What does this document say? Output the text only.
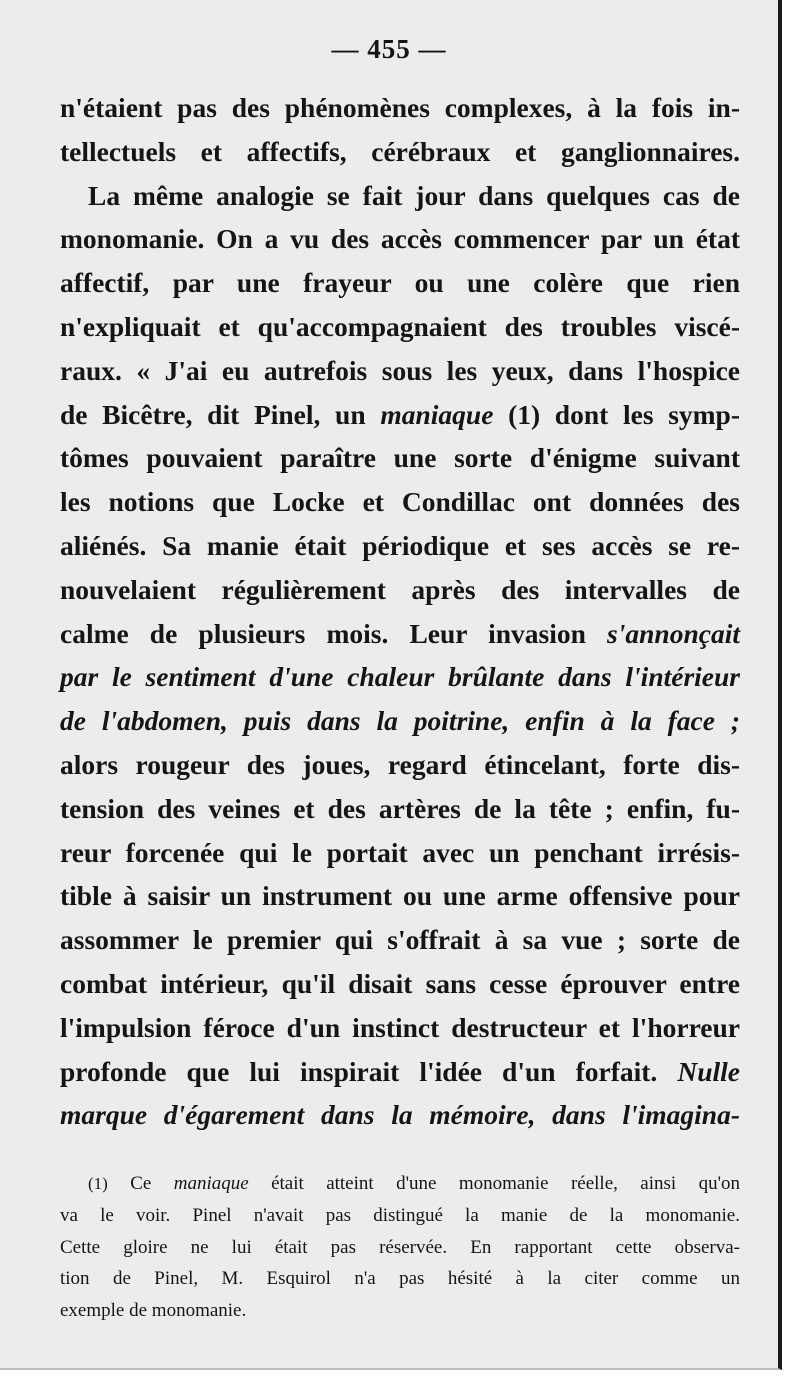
— 455 —
n'étaient pas des phénomènes complexes, à la fois in-
tellectuels et affectifs, cérébraux et ganglionnaires.
La même analogie se fait jour dans quelques cas de
monomanie. On a vu des accès commencer par un état
affectif, par une frayeur ou une colère que rien
n'expliquait et qu'accompagnaient des troubles viscé-
raux. « J'ai eu autrefois sous les yeux, dans l'hospice
de Bicêtre, dit Pinel, un maniaque (1) dont les symp-
tômes pouvaient paraître une sorte d'énigme suivant
les notions que Locke et Condillac ont données des
aliénés. Sa manie était périodique et ses accès se re-
nouvelaient régulièrement après des intervalles de
calme de plusieurs mois. Leur invasion s'annonçait
par le sentiment d'une chaleur brûlante dans l'intérieur
de l'abdomen, puis dans la poitrine, enfin à la face ;
alors rougeur des joues, regard étincelant, forte dis-
tension des veines et des artères de la tête ; enfin, fu-
reur forcenée qui le portait avec un penchant irrésis-
tible à saisir un instrument ou une arme offensive pour
assommer le premier qui s'offrait à sa vue ; sorte de
combat intérieur, qu'il disait sans cesse éprouver entre
l'impulsion féroce d'un instinct destructeur et l'horreur
profonde que lui inspirait l'idée d'un forfait. Nulle
marque d'égarement dans la mémoire, dans l'imagina-
(1) Ce maniaque était atteint d'une monomanie réelle, ainsi qu'on
va le voir. Pinel n'avait pas distingué la manie de la monomanie.
Cette gloire ne lui était pas réservée. En rapportant cette observa-
tion de Pinel, M. Esquirol n'a pas hésité à la citer comme un
exemple de monomanie.
